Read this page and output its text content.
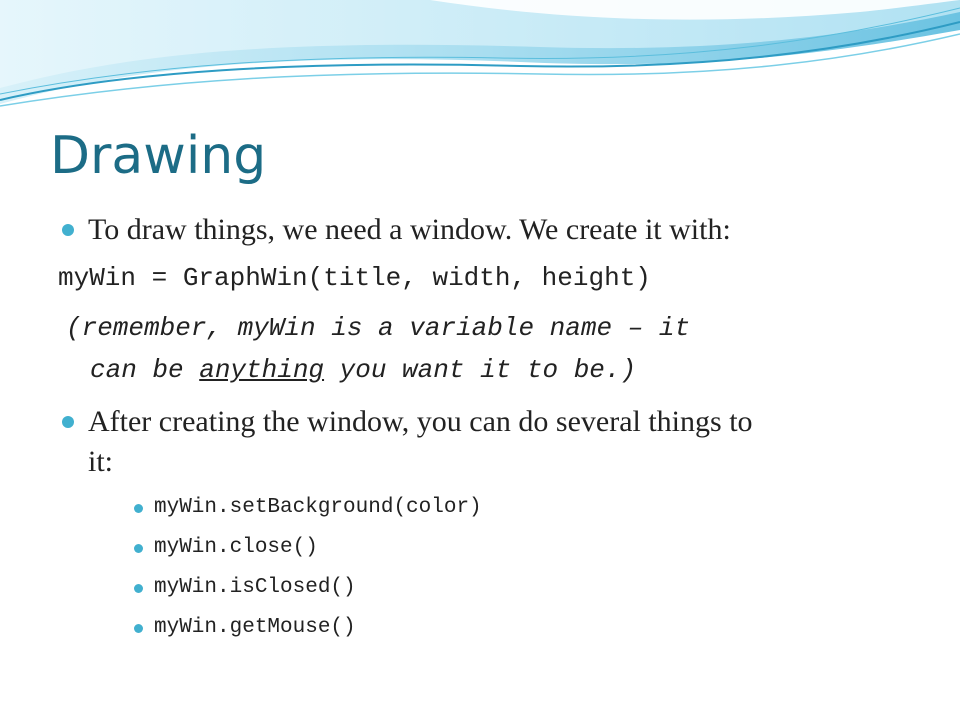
Drawing
To draw things, we need a window. We create it with:
myWin = GraphWin(title, width, height)
(remember, myWin is a variable name – it
can be anything you want it to be.)
After creating the window, you can do several things to
it:
myWin.setBackground(color)
myWin.close()
myWin.isClosed()
myWin.getMouse()
